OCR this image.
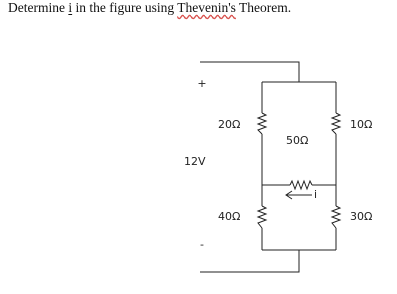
Determine i in the figure using Thevenin's Theorem.
+
-
12V
20Ω
40Ω
10Ω
30Ω
50Ω
i
